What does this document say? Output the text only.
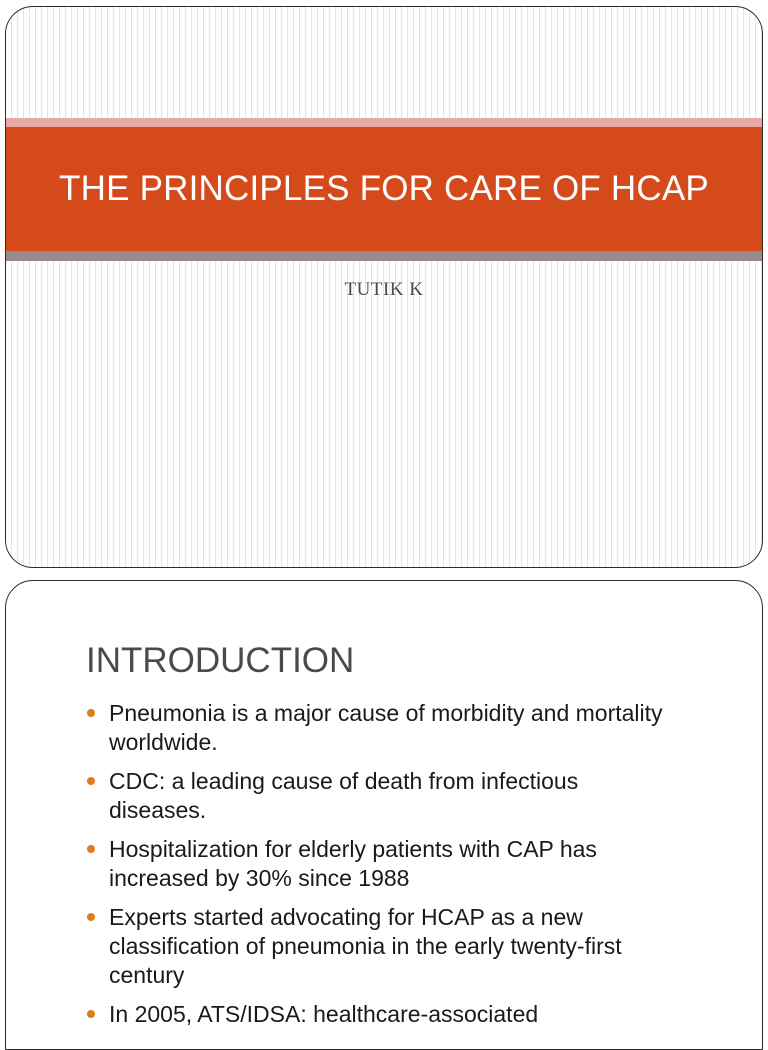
THE PRINCIPLES FOR CARE OF HCAP
TUTIK K
INTRODUCTION
Pneumonia is a major cause of morbidity and mortality worldwide.
CDC: a leading cause of death from infectious diseases.
Hospitalization for elderly patients with CAP has increased by 30% since 1988
Experts started advocating for HCAP as a new classification of pneumonia in the early twenty-first century
In 2005, ATS/IDSA: healthcare-associated
